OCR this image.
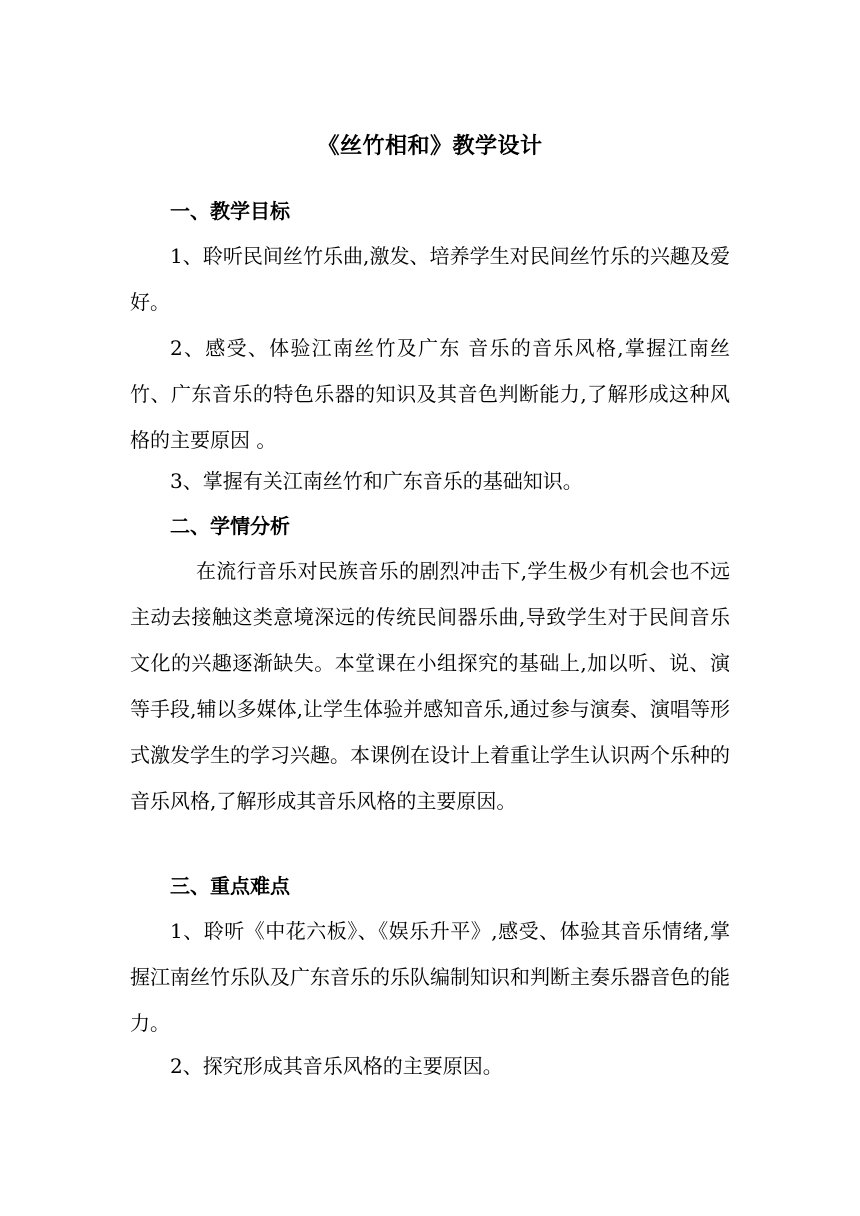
《丝竹相和》教学设计
一、教学目标
1、聆听民间丝竹乐曲,激发、培养学生对民间丝竹乐的兴趣及爱好。
2、感受、体验江南丝竹及广东 音乐的音乐风格,掌握江南丝竹、广东音乐的特色乐器的知识及其音色判断能力,了解形成这种风格的主要原因 。
3、掌握有关江南丝竹和广东音乐的基础知识。
二、学情分析
在流行音乐对民族音乐的剧烈冲击下,学生极少有机会也不远主动去接触这类意境深远的传统民间器乐曲,导致学生对于民间音乐文化的兴趣逐渐缺失。本堂课在小组探究的基础上,加以听、说、演等手段,辅以多媒体,让学生体验并感知音乐,通过参与演奏、演唱等形式激发学生的学习兴趣。本课例在设计上着重让学生认识两个乐种的音乐风格,了解形成其音乐风格的主要原因。
三、重点难点
1、聆听《中花六板》、《娱乐升平》,感受、体验其音乐情绪,掌握江南丝竹乐队及广东音乐的乐队编制知识和判断主奏乐器音色的能力。
2、探究形成其音乐风格的主要原因。
